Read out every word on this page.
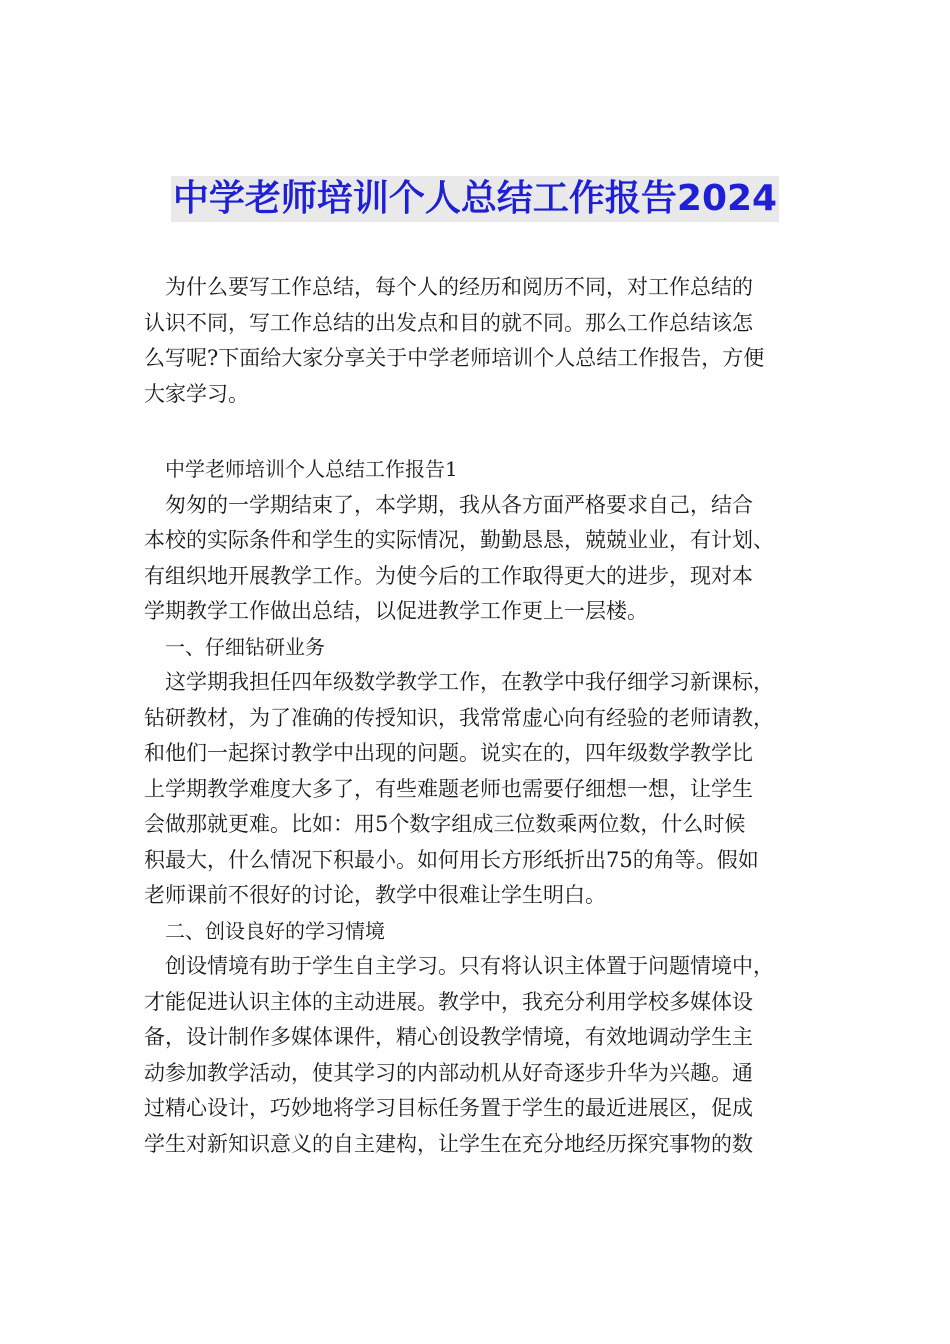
中学老师培训个人总结工作报告2024
为什么要写工作总结，每个人的经历和阅历不同，对工作总结的
认识不同，写工作总结的出发点和目的就不同。那么工作总结该怎
么写呢?下面给大家分享关于中学老师培训个人总结工作报告，方便
大家学习。
中学老师培训个人总结工作报告1
匆匆的一学期结束了，本学期，我从各方面严格要求自己，结合
本校的实际条件和学生的实际情况，勤勤恳恳，兢兢业业，有计划、
有组织地开展教学工作。为使今后的工作取得更大的进步，现对本
学期教学工作做出总结，以促进教学工作更上一层楼。
一、仔细钻研业务
这学期我担任四年级数学教学工作，在教学中我仔细学习新课标，
钻研教材，为了准确的传授知识，我常常虚心向有经验的老师请教，
和他们一起探讨教学中出现的问题。说实在的，四年级数学教学比
上学期教学难度大多了，有些难题老师也需要仔细想一想，让学生
会做那就更难。比如：用5个数字组成三位数乘两位数，什么时候
积最大，什么情况下积最小。如何用长方形纸折出75的角等。假如
老师课前不很好的讨论，教学中很难让学生明白。
二、创设良好的学习情境
创设情境有助于学生自主学习。只有将认识主体置于问题情境中，
才能促进认识主体的主动进展。教学中，我充分利用学校多媒体设
备，设计制作多媒体课件，精心创设教学情境，有效地调动学生主
动参加教学活动，使其学习的内部动机从好奇逐步升华为兴趣。通
过精心设计，巧妙地将学习目标任务置于学生的最近进展区，促成
学生对新知识意义的自主建构，让学生在充分地经历探究事物的数
